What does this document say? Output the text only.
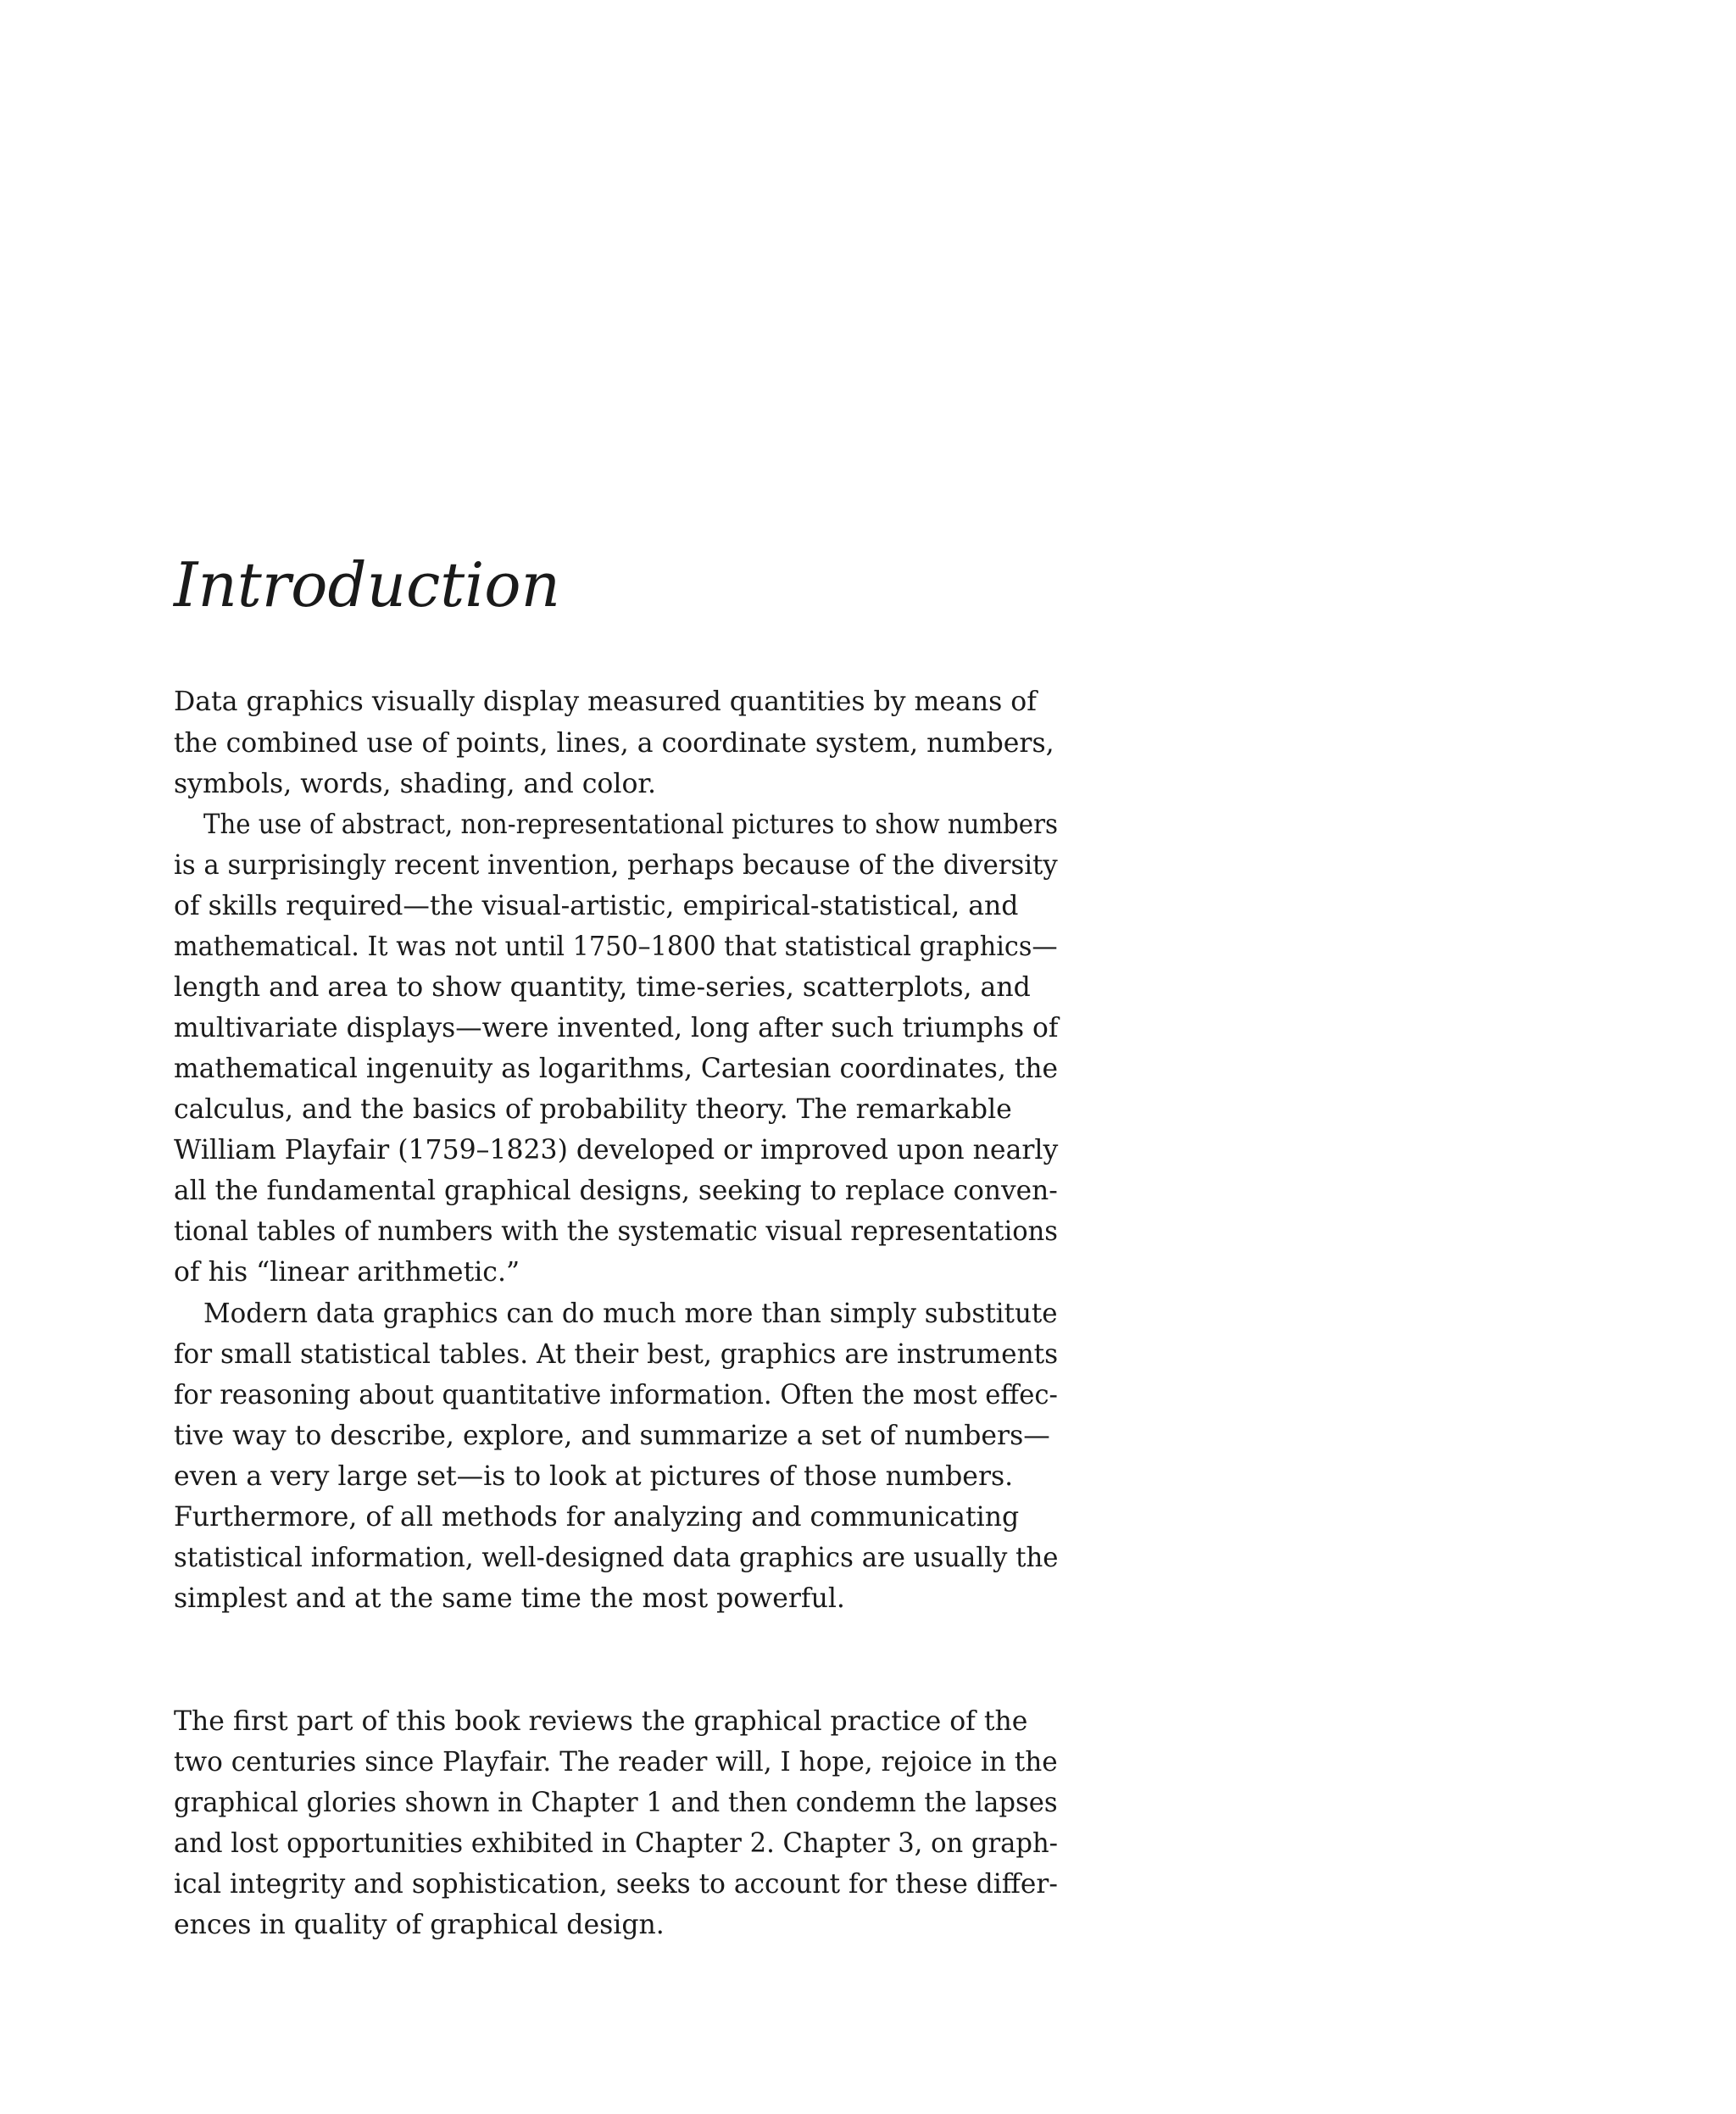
Introduction
Data graphics visually display measured quantities by means of
the combined use of points, lines, a coordinate system, numbers,
symbols, words, shading, and color.
The use of abstract, non-representational pictures to show numbers
is a surprisingly recent invention, perhaps because of the diversity
of skills required—the visual-artistic, empirical-statistical, and
mathematical. It was not until 1750–1800 that statistical graphics—
length and area to show quantity, time-series, scatterplots, and
multivariate displays—were invented, long after such triumphs of
mathematical ingenuity as logarithms, Cartesian coordinates, the
calculus, and the basics of probability theory. The remarkable
William Playfair (1759–1823) developed or improved upon nearly
all the fundamental graphical designs, seeking to replace conven-
tional tables of numbers with the systematic visual representations
of his “linear arithmetic.”
Modern data graphics can do much more than simply substitute
for small statistical tables. At their best, graphics are instruments
for reasoning about quantitative information. Often the most effec-
tive way to describe, explore, and summarize a set of numbers—
even a very large set—is to look at pictures of those numbers.
Furthermore, of all methods for analyzing and communicating
statistical information, well-designed data graphics are usually the
simplest and at the same time the most powerful.
The first part of this book reviews the graphical practice of the
two centuries since Playfair. The reader will, I hope, rejoice in the
graphical glories shown in Chapter 1 and then condemn the lapses
and lost opportunities exhibited in Chapter 2. Chapter 3, on graph-
ical integrity and sophistication, seeks to account for these differ-
ences in quality of graphical design.
